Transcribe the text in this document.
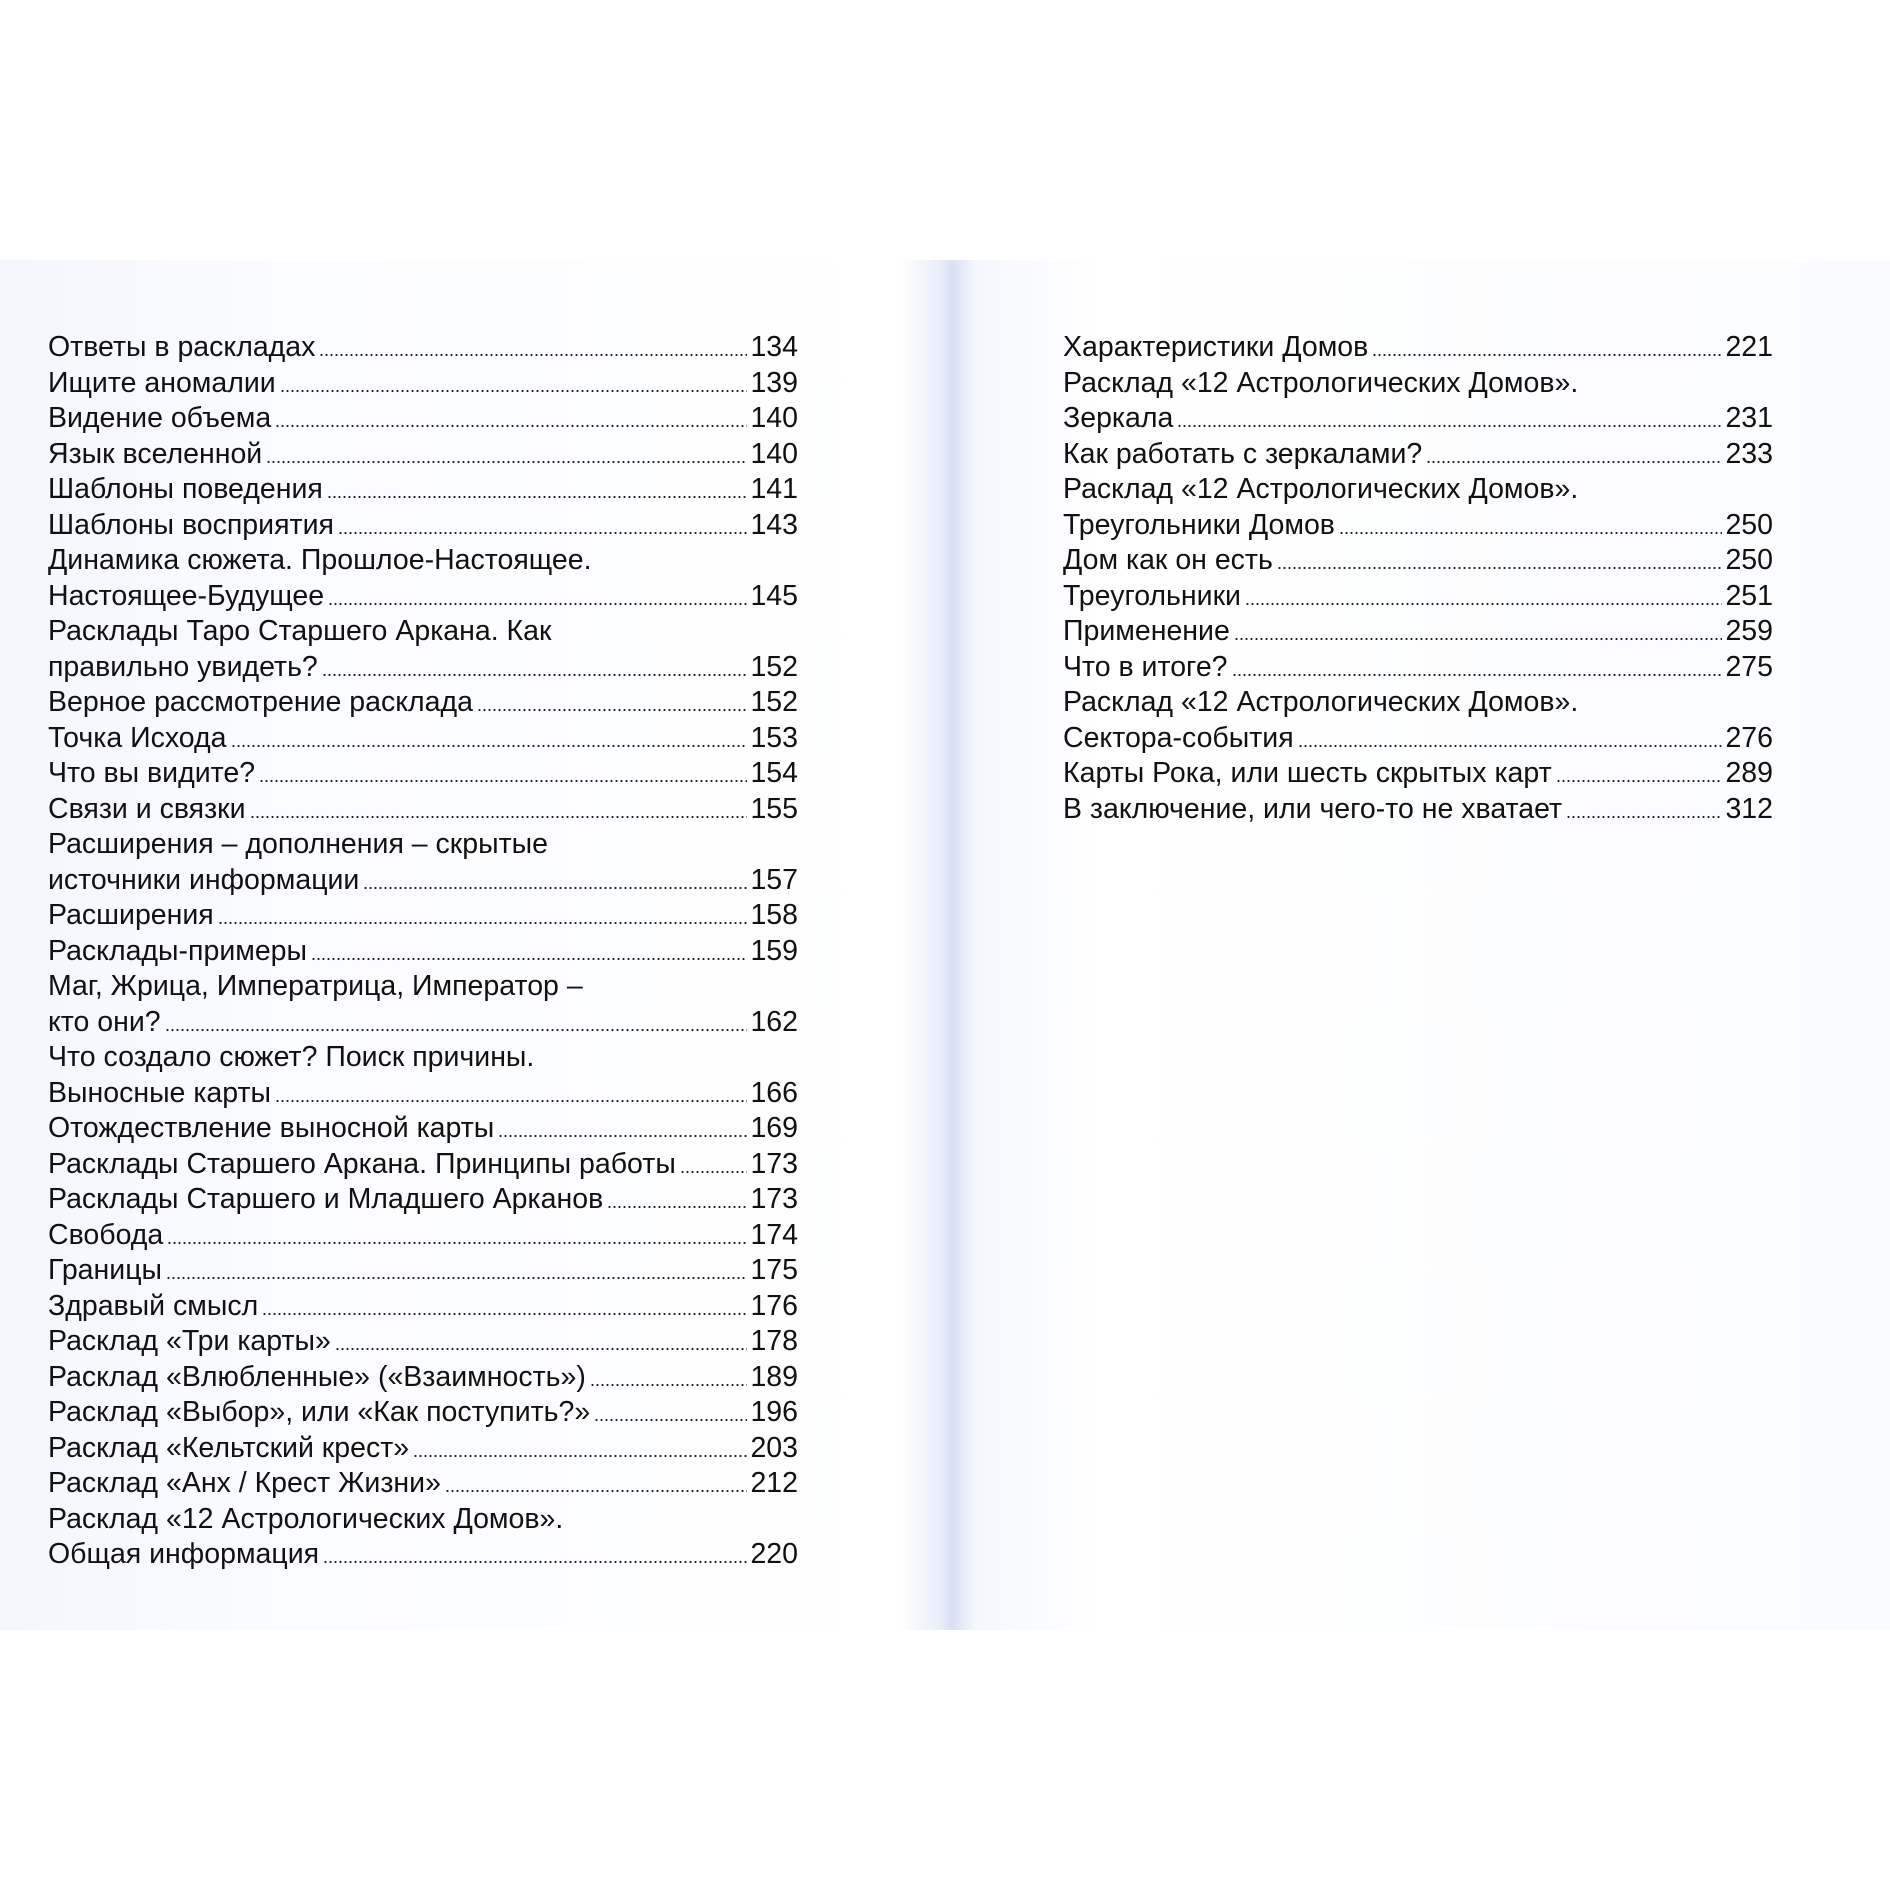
Ответы в раскладах	134
Ищите аномалии	139
Видение объема	140
Язык вселенной	140
Шаблоны поведения	141
Шаблоны восприятия	143
Динамика сюжета. Прошлое-Настоящее.
Настоящее-Будущее	145
Расклады Таро Старшего Аркана. Как
правильно увидеть?	152
Верное рассмотрение расклада	152
Точка Исхода	153
Что вы видите?	154
Связи и связки	155
Расширения – дополнения – скрытые
источники информации	157
Расширения	158
Расклады-примеры	159
Маг, Жрица, Императрица, Император –
кто они?	162
Что создало сюжет? Поиск причины.
Выносные карты	166
Отождествление выносной карты	169
Расклады Старшего Аркана. Принципы работы	173
Расклады Старшего и Младшего Арканов	173
Свобода	174
Границы	175
Здравый смысл	176
Расклад «Три карты»	178
Расклад «Влюбленные» («Взаимность»)	189
Расклад «Выбор», или «Как поступить?»	196
Расклад «Кельтский крест»	203
Расклад «Анх / Крест Жизни»	212
Расклад «12 Астрологических Домов».
Общая информация	220
Характеристики Домов	221
Расклад «12 Астрологических Домов».
Зеркала	231
Как работать с зеркалами?	233
Расклад «12 Астрологических Домов».
Треугольники Домов	250
Дом как он есть	250
Треугольники	251
Применение	259
Что в итоге?	275
Расклад «12 Астрологических Домов».
Сектора-события	276
Карты Рока, или шесть скрытых карт	289
В заключение, или чего-то не хватает	312
